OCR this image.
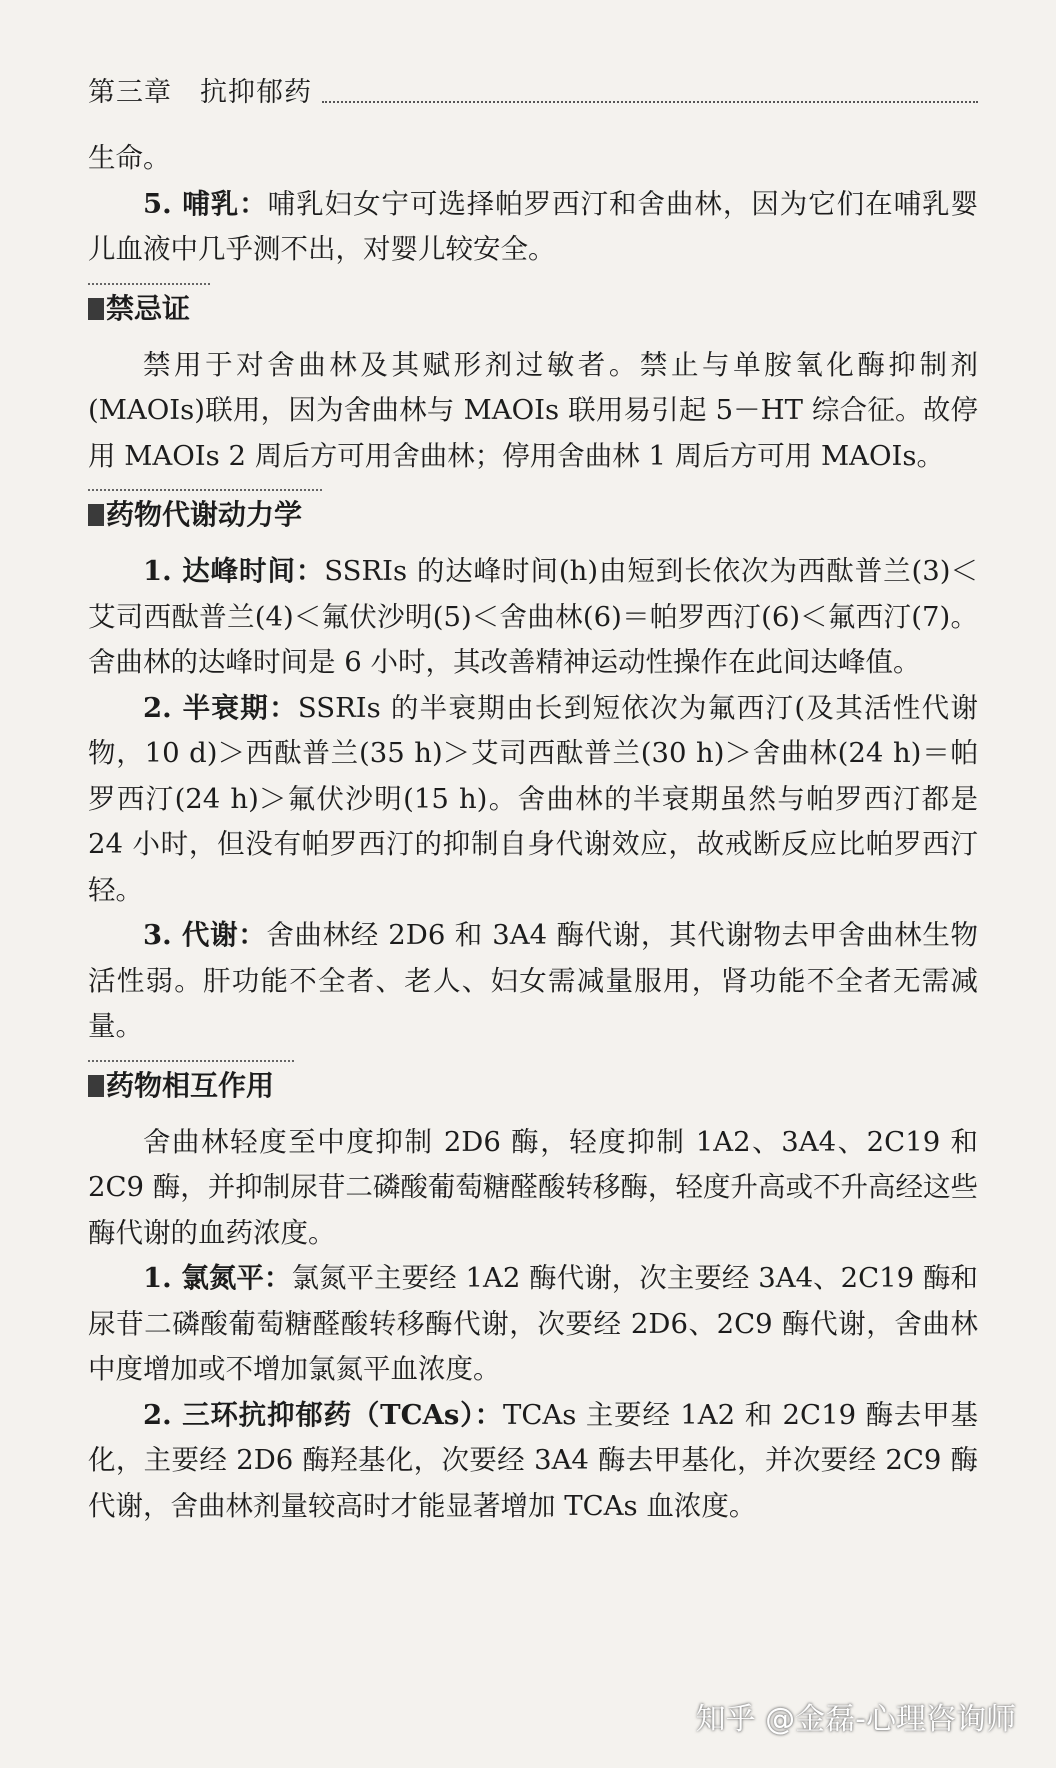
第三章　抗抑郁药

生命。

5. 哺乳：哺乳妇女宁可选择帕罗西汀和舍曲林，因为它们在哺乳婴儿血液中几乎测不出，对婴儿较安全。

禁忌证

禁用于对舍曲林及其赋形剂过敏者。禁止与单胺氧化酶抑制剂(MAOIs)联用，因为舍曲林与 MAOIs 联用易引起 5－HT 综合征。故停用 MAOIs 2 周后方可用舍曲林；停用舍曲林 1 周后方可用 MAOIs。

药物代谢动力学

1. 达峰时间：SSRIs 的达峰时间(h)由短到长依次为西酞普兰(3)＜艾司西酞普兰(4)＜氟伏沙明(5)＜舍曲林(6)＝帕罗西汀(6)＜氟西汀(7)。舍曲林的达峰时间是 6 小时，其改善精神运动性操作在此间达峰值。

2. 半衰期：SSRIs 的半衰期由长到短依次为氟西汀(及其活性代谢物，10 d)＞西酞普兰(35 h)＞艾司西酞普兰(30 h)＞舍曲林(24 h)＝帕罗西汀(24 h)＞氟伏沙明(15 h)。舍曲林的半衰期虽然与帕罗西汀都是 24 小时，但没有帕罗西汀的抑制自身代谢效应，故戒断反应比帕罗西汀轻。

3. 代谢：舍曲林经 2D6 和 3A4 酶代谢，其代谢物去甲舍曲林生物活性弱。肝功能不全者、老人、妇女需减量服用，肾功能不全者无需减量。

药物相互作用

舍曲林轻度至中度抑制 2D6 酶，轻度抑制 1A2、3A4、2C19 和 2C9 酶，并抑制尿苷二磷酸葡萄糖醛酸转移酶，轻度升高或不升高经这些酶代谢的血药浓度。

1. 氯氮平：氯氮平主要经 1A2 酶代谢，次主要经 3A4、2C19 酶和尿苷二磷酸葡萄糖醛酸转移酶代谢，次要经 2D6、2C9 酶代谢，舍曲林中度增加或不增加氯氮平血浓度。

2. 三环抗抑郁药（TCAs）：TCAs 主要经 1A2 和 2C19 酶去甲基化，主要经 2D6 酶羟基化，次要经 3A4 酶去甲基化，并次要经 2C9 酶代谢，舍曲林剂量较高时才能显著增加 TCAs 血浓度。

知乎 @金磊-心理咨询师
